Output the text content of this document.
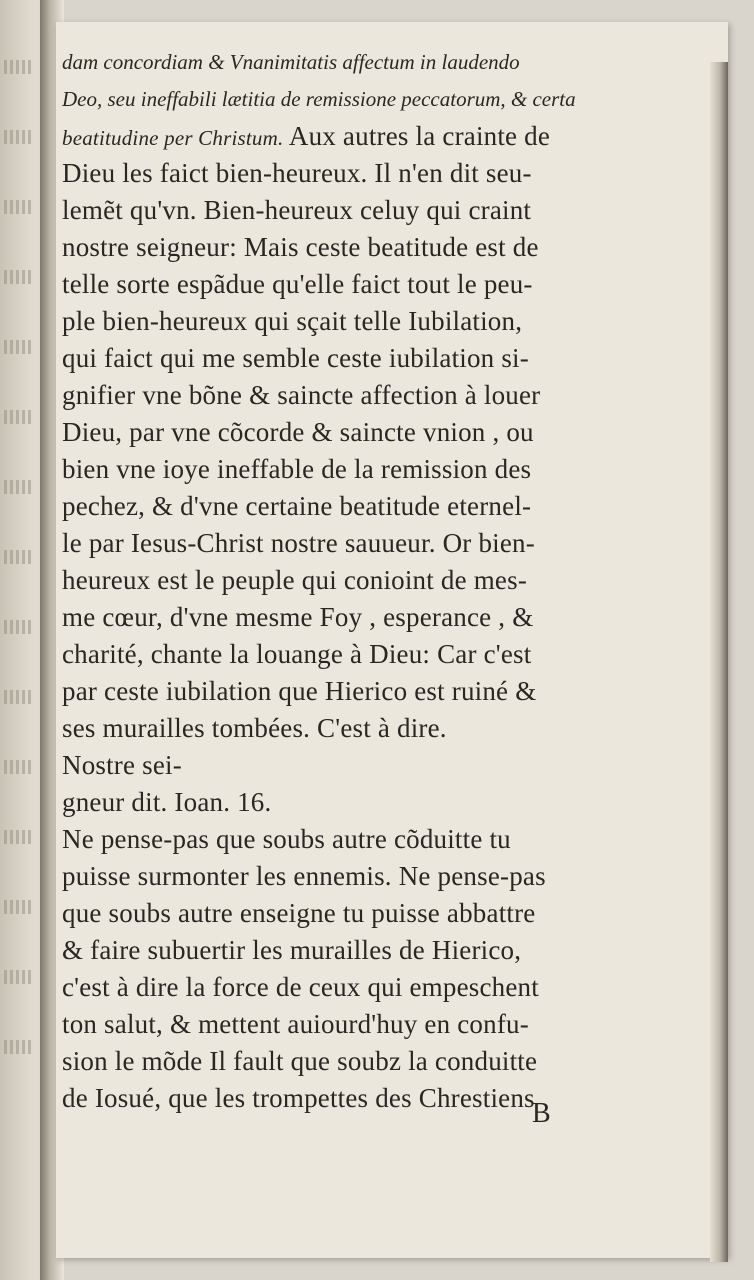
dam concordiam & Vnanimitatis affectum in laudendo
Deo, seu ineffabili lætitia de remissione peccatorum, & certa
beatitudine per Christum. Aux autres la crainte de
Dieu les faict bien-heureux. Il n'en dit seu-
lemẽt qu'vn. Bien-heureux celuy qui craint
nostre seigneur: Mais ceste beatitude est de
telle sorte espãdue qu'elle faict tout le peu-
ple bien-heureux qui sçait telle Iubilation,
qui faict qui me semble ceste iubilation si-
gnifier vne bõne & saincte affection à louer
Dieu, par vne cõcorde & saincte vnion , ou
bien vne ioye ineffable de la remission des
pechez, & d'vne certaine beatitude eternel-
le par Iesus-Christ nostre sauueur. Or bien-
heureux est le peuple qui conioint de mes-
me cœur, d'vne mesme Foy , esperance , &
charité, chante la louange à Dieu: Car c'est
par ceste iubilation que Hierico est ruiné &
ses murailles tombées. C'est à dire.
Nostre sei-
gneur dit. Ioan. 16.
Ne pense-pas que soubs autre cõduitte tu
puisse surmonter les ennemis. Ne pense-pas
que soubs autre enseigne tu puisse abbattre
& faire subuertir les murailles de Hierico,
c'est à dire la force de ceux qui empeschent
ton salut, & mettent auiourd'huy en confu-
sion le mõde Il fault que soubz la conduitte
de Iosué, que les trompettes des Chrestiens
B
